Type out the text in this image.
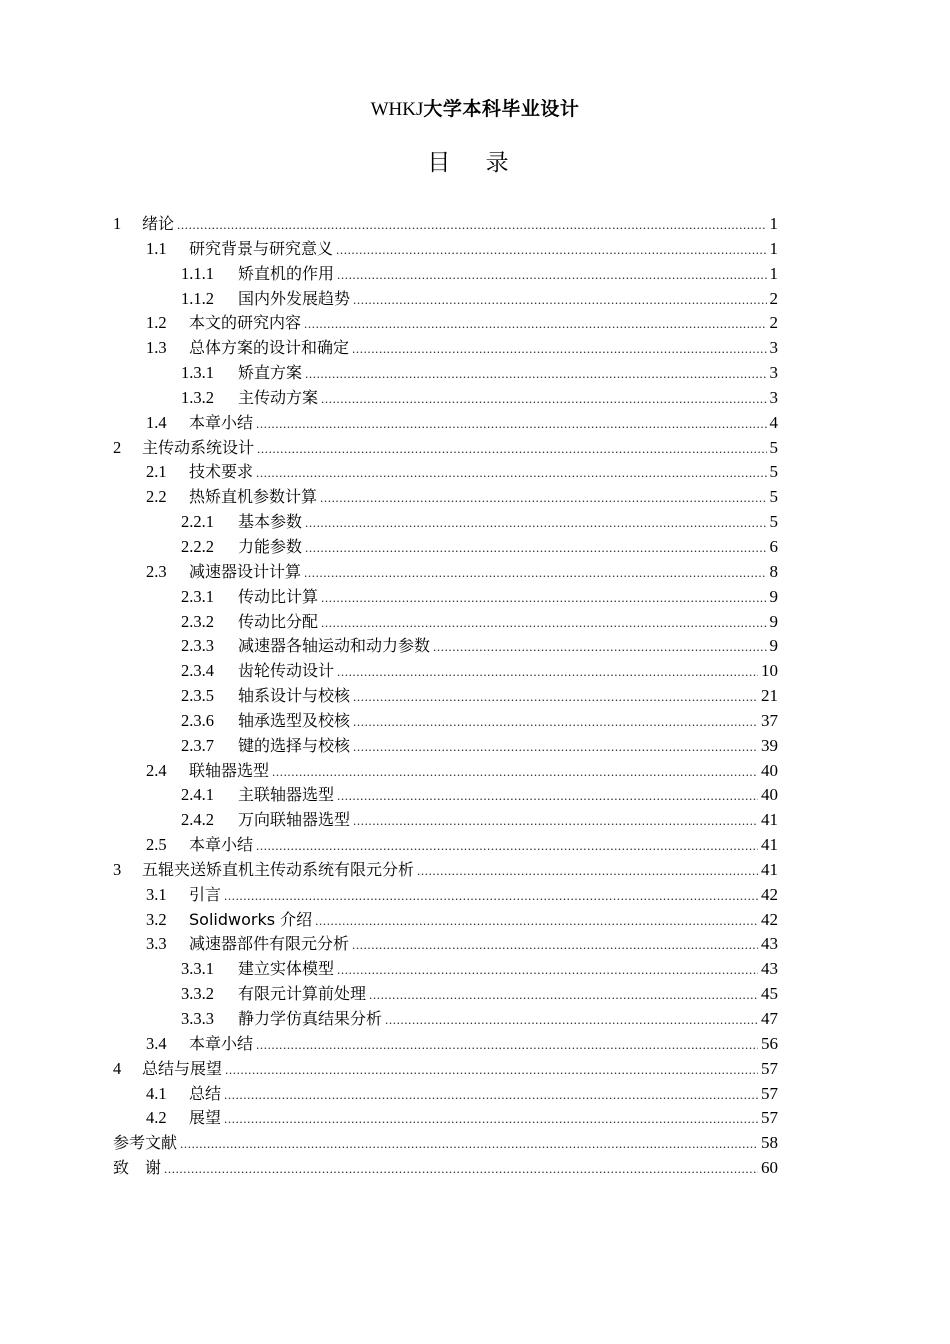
WHKJ大学本科毕业设计
目 录
1	绪论 .....	1
1.1	研究背景与研究意义 .....	1
1.1.1	矫直机的作用 .....	1
1.1.2	国内外发展趋势 .....	2
1.2	本文的研究内容 .....	2
1.3	总体方案的设计和确定 .....	3
1.3.1	矫直方案 .....	3
1.3.2	主传动方案 .....	3
1.4	本章小结 .....	4
2	主传动系统设计 .....	5
2.1	技术要求 .....	5
2.2	热矫直机参数计算 .....	5
2.2.1	基本参数 .....	5
2.2.2	力能参数 .....	6
2.3	减速器设计计算 .....	8
2.3.1	传动比计算 .....	9
2.3.2	传动比分配 .....	9
2.3.3	减速器各轴运动和动力参数 .....	9
2.3.4	齿轮传动设计 .....	10
2.3.5	轴系设计与校核 .....	21
2.3.6	轴承选型及校核 .....	37
2.3.7	键的选择与校核 .....	39
2.4	联轴器选型 .....	40
2.4.1	主联轴器选型 .....	40
2.4.2	万向联轴器选型 .....	41
2.5	本章小结 .....	41
3	五辊夹送矫直机主传动系统有限元分析 .....	41
3.1	引言 .....	42
3.2	Solidworks 介绍 .....	42
3.3	减速器部件有限元分析 .....	43
3.3.1	建立实体模型 .....	43
3.3.2	有限元计算前处理 .....	45
3.3.3	静力学仿真结果分析 .....	47
3.4	本章小结 .....	56
4	总结与展望 .....	57
4.1	总结 .....	57
4.2	展望 .....	57
参考文献 .....	58
致　谢 .....	60
